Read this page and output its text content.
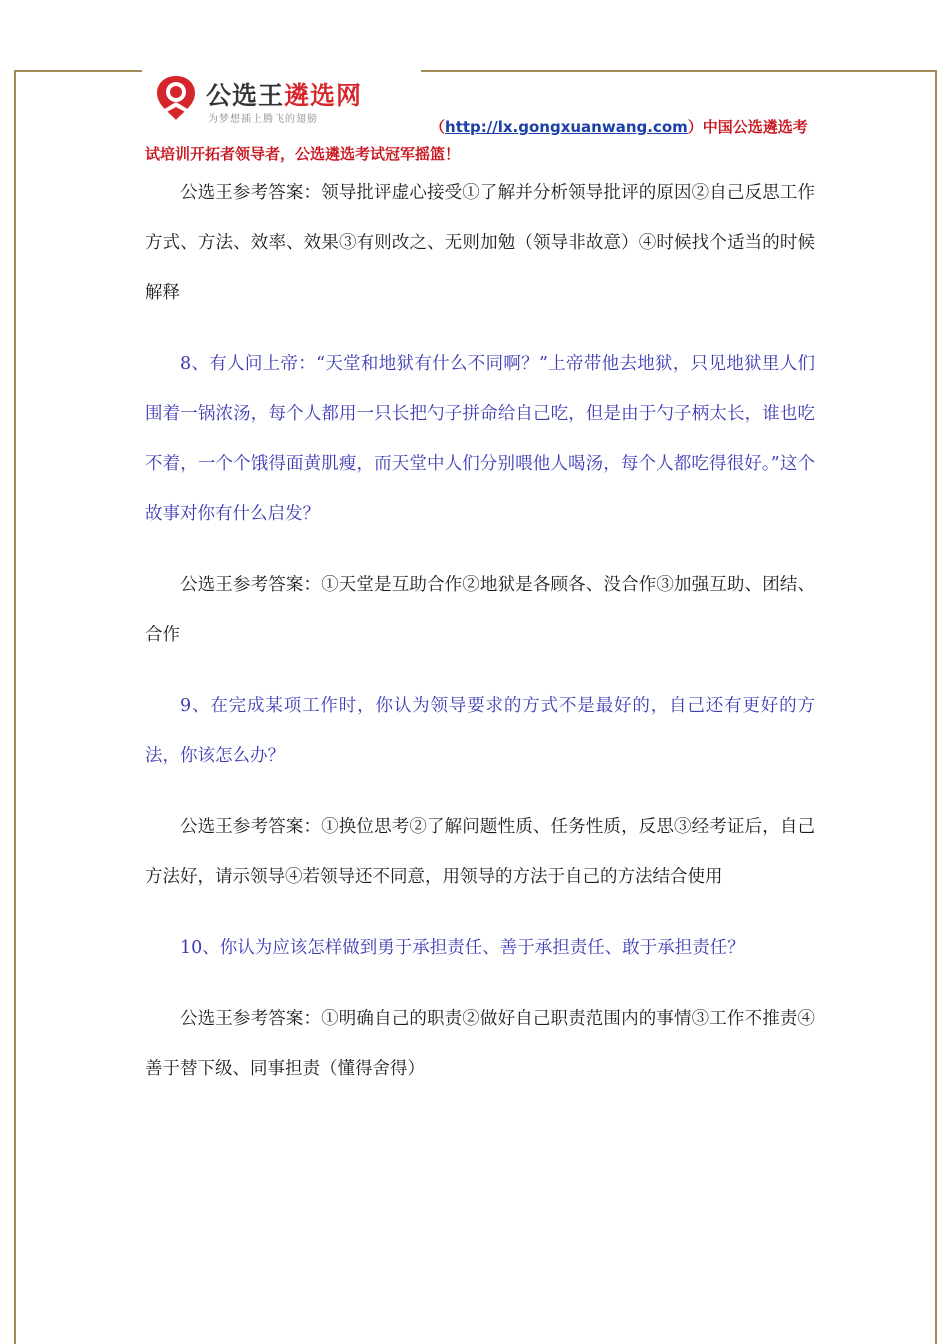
公选王遴选网
为梦想插上腾飞的翅膀	（http://lx.gongxuanwang.com）中国公选遴选考
试培训开拓者领导者，公选遴选考试冠军摇篮！

公选王参考答案：领导批评虚心接受①了解并分析领导批评的原因②自己反思工作方式、方法、效率、效果③有则改之、无则加勉（领导非故意）④时候找个适当的时候解释

8、有人问上帝：“天堂和地狱有什么不同啊？”上帝带他去地狱，只见地狱里人们围着一锅浓汤，每个人都用一只长把勺子拼命给自己吃，但是由于勺子柄太长，谁也吃不着，一个个饿得面黄肌瘦，而天堂中人们分别喂他人喝汤，每个人都吃得很好。”这个故事对你有什么启发？

公选王参考答案：①天堂是互助合作②地狱是各顾各、没合作③加强互助、团结、合作

9、在完成某项工作时，你认为领导要求的方式不是最好的，自己还有更好的方法，你该怎么办？

公选王参考答案：①换位思考②了解问题性质、任务性质，反思③经考证后，自己方法好，请示领导④若领导还不同意，用领导的方法于自己的方法结合使用

10、你认为应该怎样做到勇于承担责任、善于承担责任、敢于承担责任？

公选王参考答案：①明确自己的职责②做好自己职责范围内的事情③工作不推责④善于替下级、同事担责（懂得舍得）
